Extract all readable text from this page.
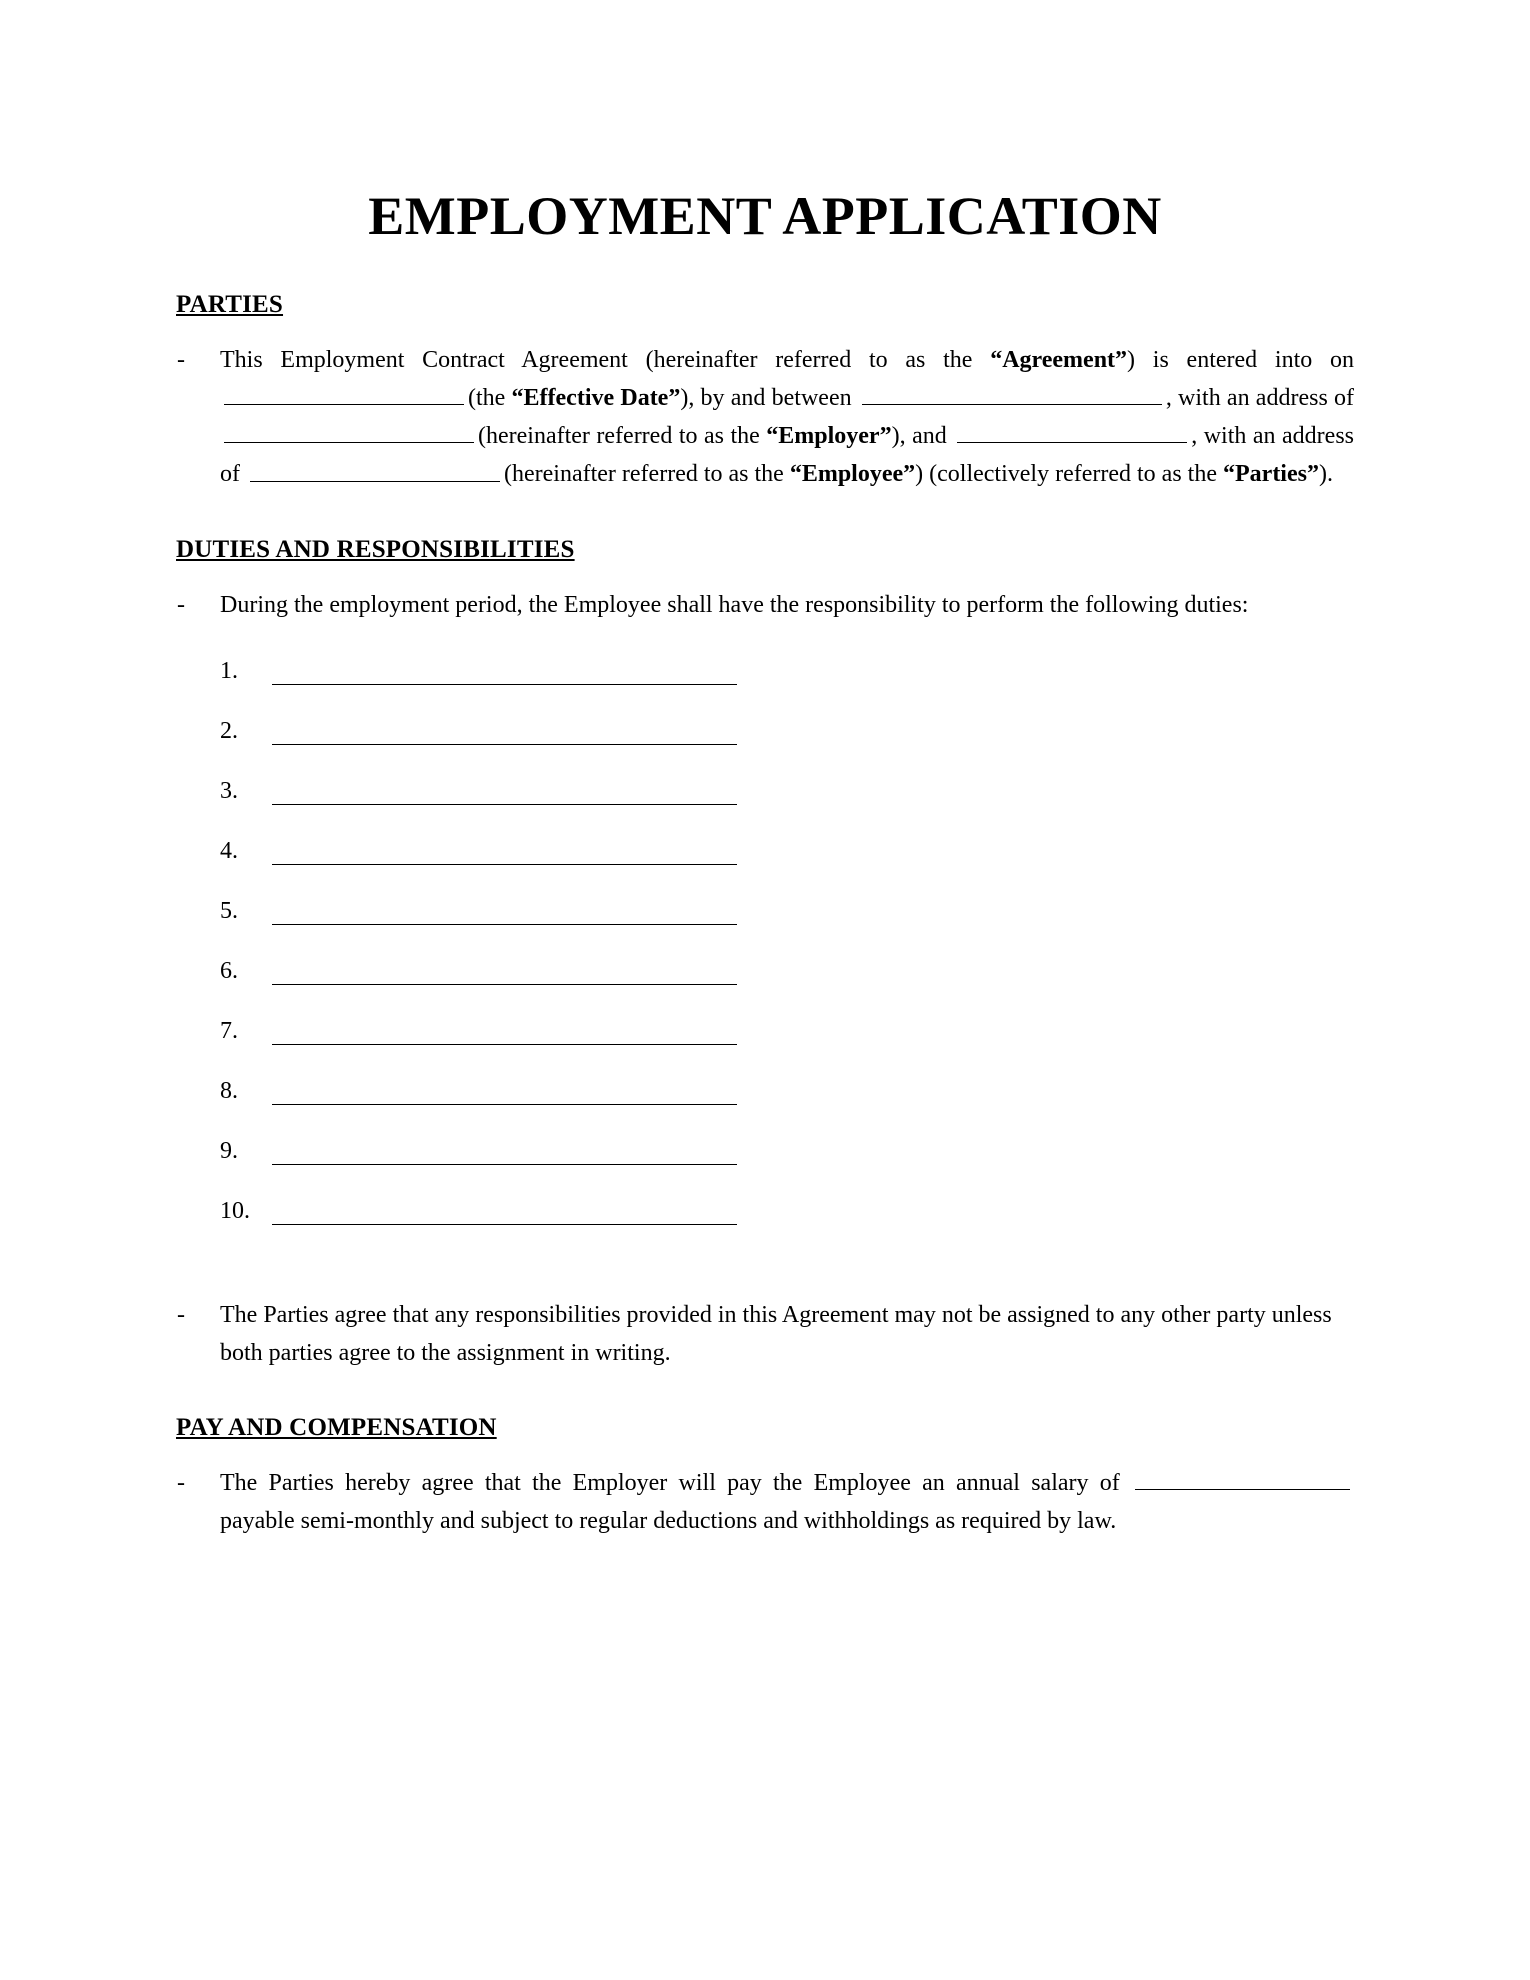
EMPLOYMENT APPLICATION
PARTIES
-	This Employment Contract Agreement (hereinafter referred to as the “Agreement”) is entered into on(the “Effective Date”), by and between	, with an address of (hereinafter referred to as the “Employer”), and	, with an address of	(hereinafter referred to as the “Employee”) (collectively referred to as the “Parties”).
DUTIES AND RESPONSIBILITIES
-	During the employment period, the Employee shall have the responsibility to perform the following duties:
1.
2.
3.
4.
5.
6.
7.
8.
9.
10.
-	The Parties agree that any responsibilities provided in this Agreement may not be assigned to any other party unless both parties agree to the assignment in writing.
PAY AND COMPENSATION
-	The Parties hereby agree that the Employer will pay the Employee an annual salary of  payable semi-monthly and subject to regular deductions and withholdings as required by law.
